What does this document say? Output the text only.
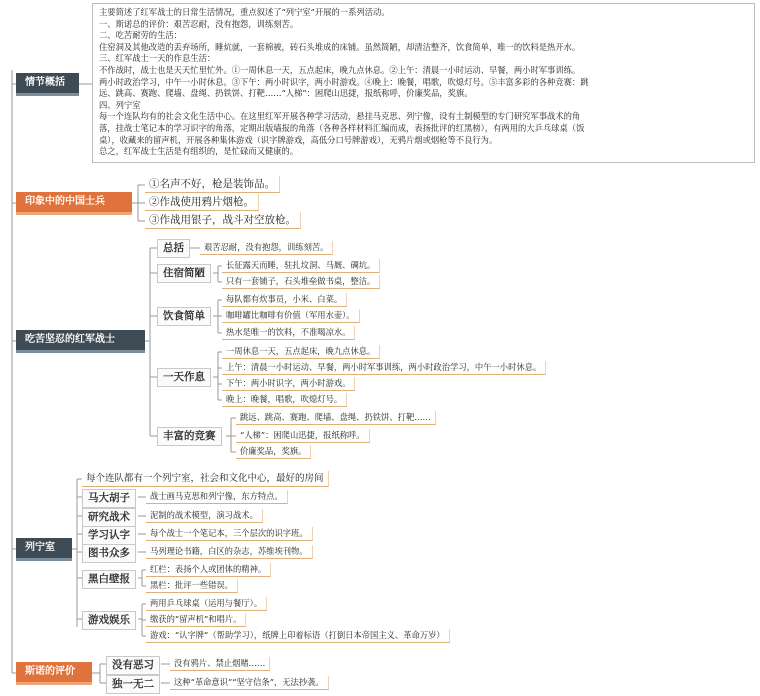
情节概括
主要简述了红军战士的日常生活情况，重点叙述了“列宁室”开展的一系列活动。
一、斯诺总的评价：艰苦忍耐，没有抱怨，训练刻苦。
二、吃苦耐劳的生活：
住窑洞及其他改造的丢弃场所，睡炕就，一套棉被，砖石头堆成的床铺。虽然简陋，却清洁整齐，饮食简单，唯一的饮料是热开水。
三、红军战士一天的作息生活：
不作战时，战士也是天天忙里忙外。①一周休息一天，五点起床，晚九点休息。②上午：清晨一小时运动、早餐，两小时军事训练。
两小时政治学习，中午一小时休息。③下午：两小时识字，两小时游戏。④晚上：晚餐，唱歌，吹熄灯号。⑤丰富多彩的各种竞赛：跳
远、跳高、赛跑、爬墙、盘绳、扔铁饼、打靶……“人梯”：困爬山迅捷，报纸称呼，价廉奖品，奖旗。
四、列宁室
每一个连队均有的社会文化生活中心。在这里红军开展各种学习活动，悬挂马克思、列宁像，设有土制模型的专门研究军事战术的角
落，挂战士笔记本的学习识字的角落，定期出版墙报的角落（各种各样材料汇编而成，表扬批评的红黑榜），有两用的大乒乓球桌（饭
桌），收藏来的留声机，开展各种集体游戏（识字牌游戏，高低分口号牌游戏），无鸦片烟或烟枪等不良行为。
总之，红军战士生活是有组织的，是忙碌而又健康的。
印象中的中国士兵
①名声不好，枪是装饰品。
②作战使用鸦片烟枪。
③作战用银子，战斗对空放枪。
吃苦坚忍的红军战士
总括	艰苦忍耐，没有抱怨，训练刻苦。
住宿简陋
长征露天而睡，驻扎坟洞、马厩、碉坑。
只有一套铺子，石头堆垒做书桌，整洁。
饮食简单
每队都有炊事员，小米、白菜。
咖啡罐比咖啡有价值（军用水壶）。
热水是唯一的饮料，不准喝凉水。
一天作息
一周休息一天，五点起床，晚九点休息。
上午：清晨一小时运动、早餐，两小时军事训练，两小时政治学习，中午一小时休息。
下午：两小时识字，两小时游戏。
晚上：晚餐，唱歌，吹熄灯号。
丰富的竞赛
跳远、跳高、赛跑、爬墙、盘绳、扔铁饼、打靶……
“人梯”：困爬山迅捷，报纸称呼。
价廉奖品，奖旗。
列宁室
每个连队都有一个列宁室，社会和文化中心，最好的房间
马大胡子	战士画马克思和列宁像，东方特点。
研究战术	泥制的战术模型，演习战术。
学习认字	每个战士一个笔记本，三个层次的识字班。
图书众多	马列理论书籍，白区的杂志，苏维埃刊物。
黑白壁报
红栏：表扬个人或团体的精神。
黑栏：批评一些错误。
游戏娱乐
两用乒乓球桌（运用与餐厅）。
缴获的“留声机”和唱片。
游戏：“认字牌”（帮助学习），纸牌上印着标语（打倒日本帝国主义、革命万岁）
斯诺的评价
没有恶习	没有鸦片、禁止烟赌……
独一无二	这种“革命意识”“坚守信条”，无法抄袭。
